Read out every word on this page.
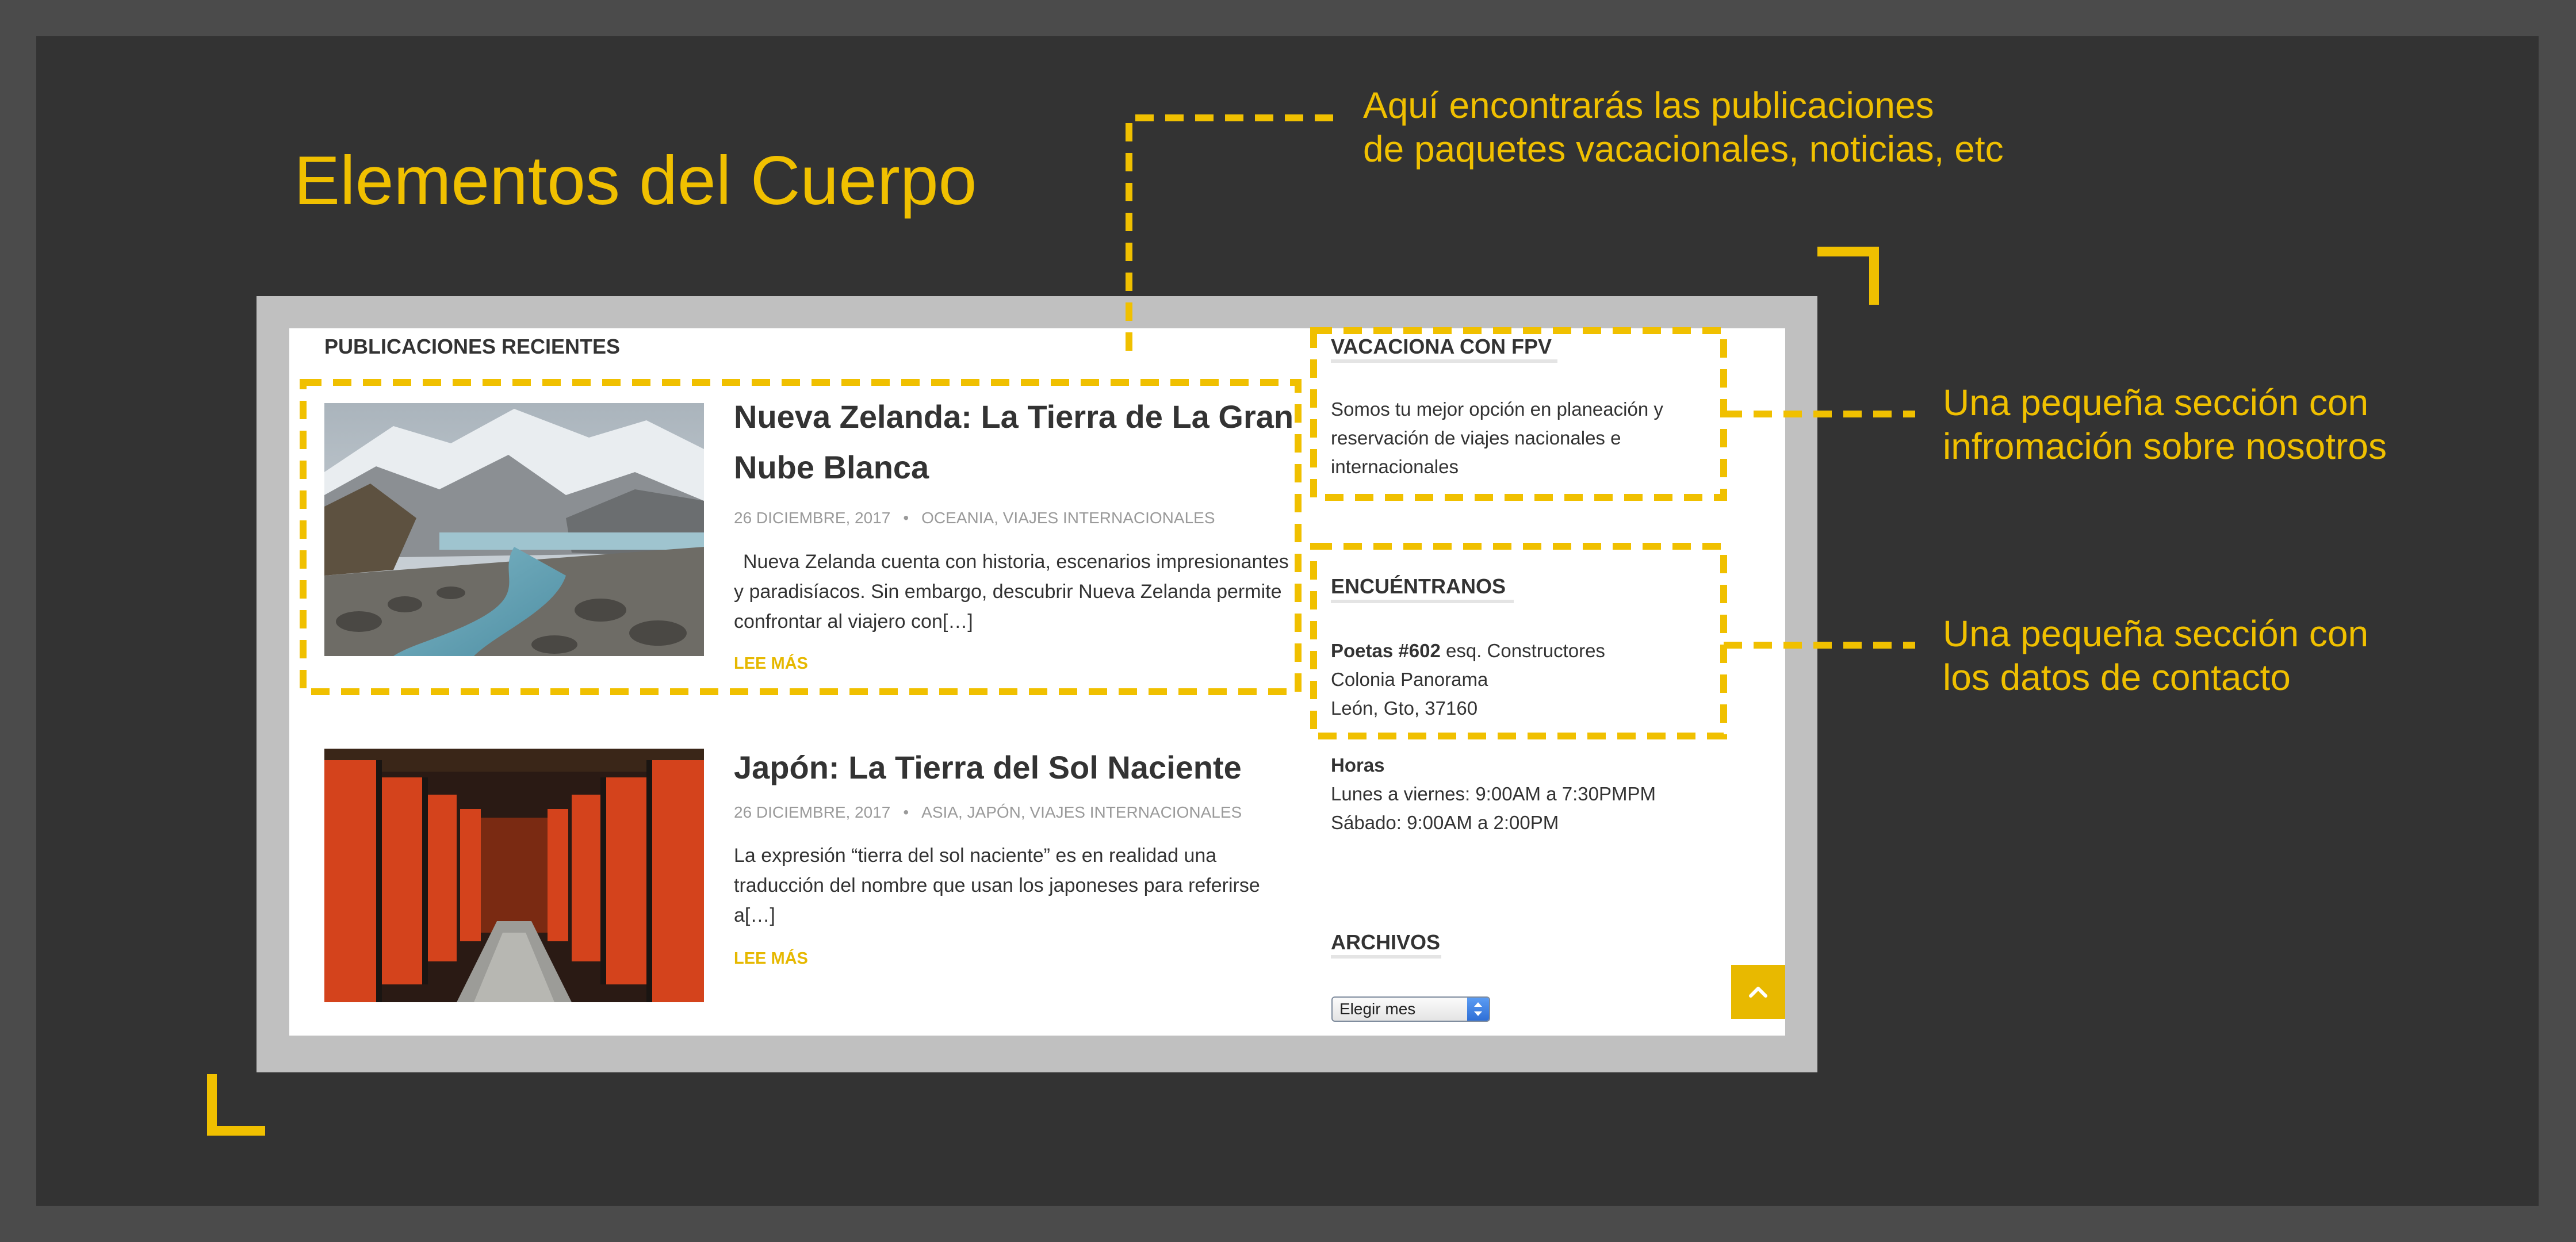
Elementos del Cuerpo
Aquí encontrarás las publicaciones
de paquetes vacacionales, noticias, etc
Una pequeña sección con
infromación sobre nosotros
Una pequeña sección con
los datos de contacto
PUBLICACIONES RECIENTES
Nueva Zelanda: La Tierra de La Gran Nube Blanca
26 DICIEMBRE, 2017 • OCEANIA, VIAJES INTERNACIONALES
Nueva Zelanda cuenta con historia, escenarios impresionantes y paradisíacos. Sin embargo, descubrir Nueva Zelanda permite confrontar al viajero con[…]
LEE MÁS
Japón: La Tierra del Sol Naciente
26 DICIEMBRE, 2017 • ASIA, JAPÓN, VIAJES INTERNACIONALES
La expresión “tierra del sol naciente” es en realidad una traducción del nombre que usan los japoneses para referirse a[…]
LEE MÁS
VACACIONA CON FPV
Somos tu mejor opción en planeación y reservación de viajes nacionales e internacionales
ENCUÉNTRANOS
Poetas #602 esq. Constructores
Colonia Panorama
León, Gto, 37160
Horas
Lunes a viernes: 9:00AM a 7:30PMPM
Sábado: 9:00AM a 2:00PM
ARCHIVOS
Elegir mes
